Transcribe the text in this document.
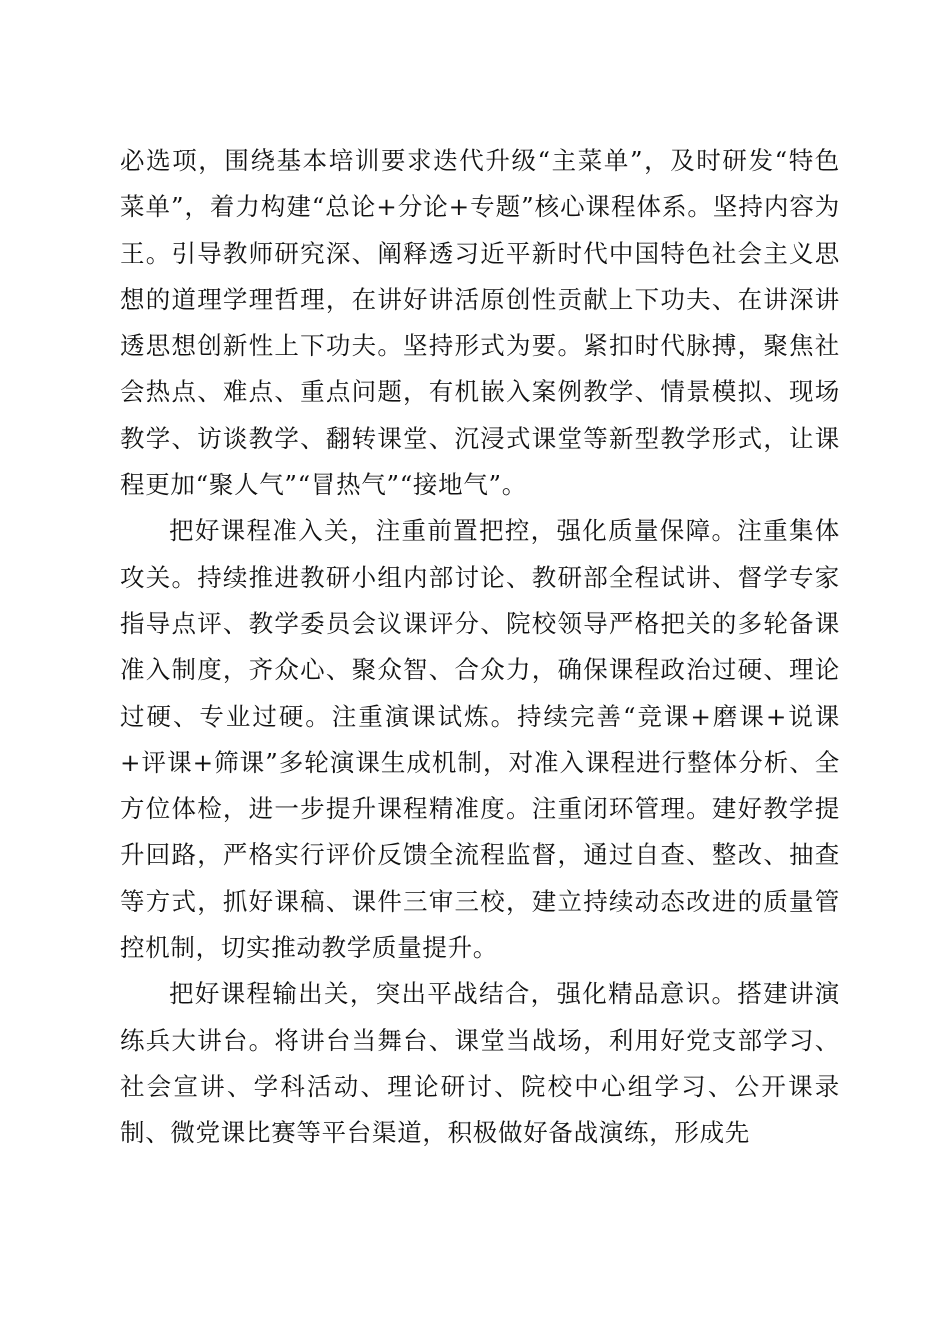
必选项，围绕基本培训要求迭代升级“主菜单”，及时研发“特色菜单”，着力构建“总论+分论+专题”核心课程体系。坚持内容为王。引导教师研究深、阐释透习近平新时代中国特色社会主义思想的道理学理哲理，在讲好讲活原创性贡献上下功夫、在讲深讲透思想创新性上下功夫。坚持形式为要。紧扣时代脉搏，聚焦社会热点、难点、重点问题，有机嵌入案例教学、情景模拟、现场教学、访谈教学、翻转课堂、沉浸式课堂等新型教学形式，让课程更加“聚人气”“冒热气”“接地气”。

把好课程准入关，注重前置把控，强化质量保障。注重集体攻关。持续推进教研小组内部讨论、教研部全程试讲、督学专家指导点评、教学委员会议课评分、院校领导严格把关的多轮备课准入制度，齐众心、聚众智、合众力，确保课程政治过硬、理论过硬、专业过硬。注重演课试炼。持续完善“竞课+磨课+说课+评课+筛课”多轮演课生成机制，对准入课程进行整体分析、全方位体检，进一步提升课程精准度。注重闭环管理。建好教学提升回路，严格实行评价反馈全流程监督，通过自查、整改、抽查等方式，抓好课稿、课件三审三校，建立持续动态改进的质量管控机制，切实推动教学质量提升。

把好课程输出关，突出平战结合，强化精品意识。搭建讲演练兵大讲台。将讲台当舞台、课堂当战场，利用好党支部学习、社会宣讲、学科活动、理论研讨、院校中心组学习、公开课录制、微党课比赛等平台渠道，积极做好备战演练，形成先
